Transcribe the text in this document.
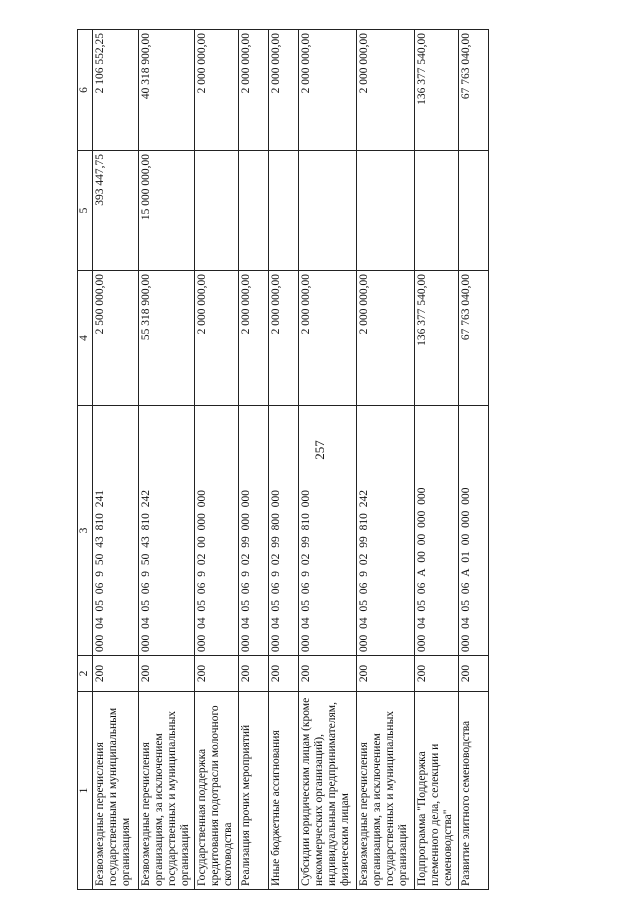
257
1	2	3	4	5	6
Безвозмездные перечисления государственным и муниципальным организациям	200	000 04 05 06 9 50 43 810 241	2 500 000,00	393 447,75	2 106 552,25
Безвозмездные перечисления организациям, за исключением государственных и муниципальных организаций	200	000 04 05 06 9 50 43 810 242	55 318 900,00	15 000 000,00	40 318 900,00
Государственная поддержка кредитования подотрасли молочного скотоводства	200	000 04 05 06 9 02 00 000 000	2 000 000,00		2 000 000,00
Реализация прочих мероприятий	200	000 04 05 06 9 02 99 000 000	2 000 000,00		2 000 000,00
Иные бюджетные ассигнования	200	000 04 05 06 9 02 99 800 000	2 000 000,00		2 000 000,00
Субсидии юридическим лицам (кроме некоммерческих организаций), индивидуальным предпринимателям, физическим лицам	200	000 04 05 06 9 02 99 810 000	2 000 000,00		2 000 000,00
Безвозмездные перечисления организациям, за исключением государственных и муниципальных организаций	200	000 04 05 06 9 02 99 810 242	2 000 000,00		2 000 000,00
Подпрограмма "Поддержка племенного дела, селекции и семеноводства"	200	000 04 05 06 А 00 00 000 000	136 377 540,00		136 377 540,00
Развитие элитного семеноводства	200	000 04 05 06 А 01 00 000 000	67 763 040,00		67 763 040,00
